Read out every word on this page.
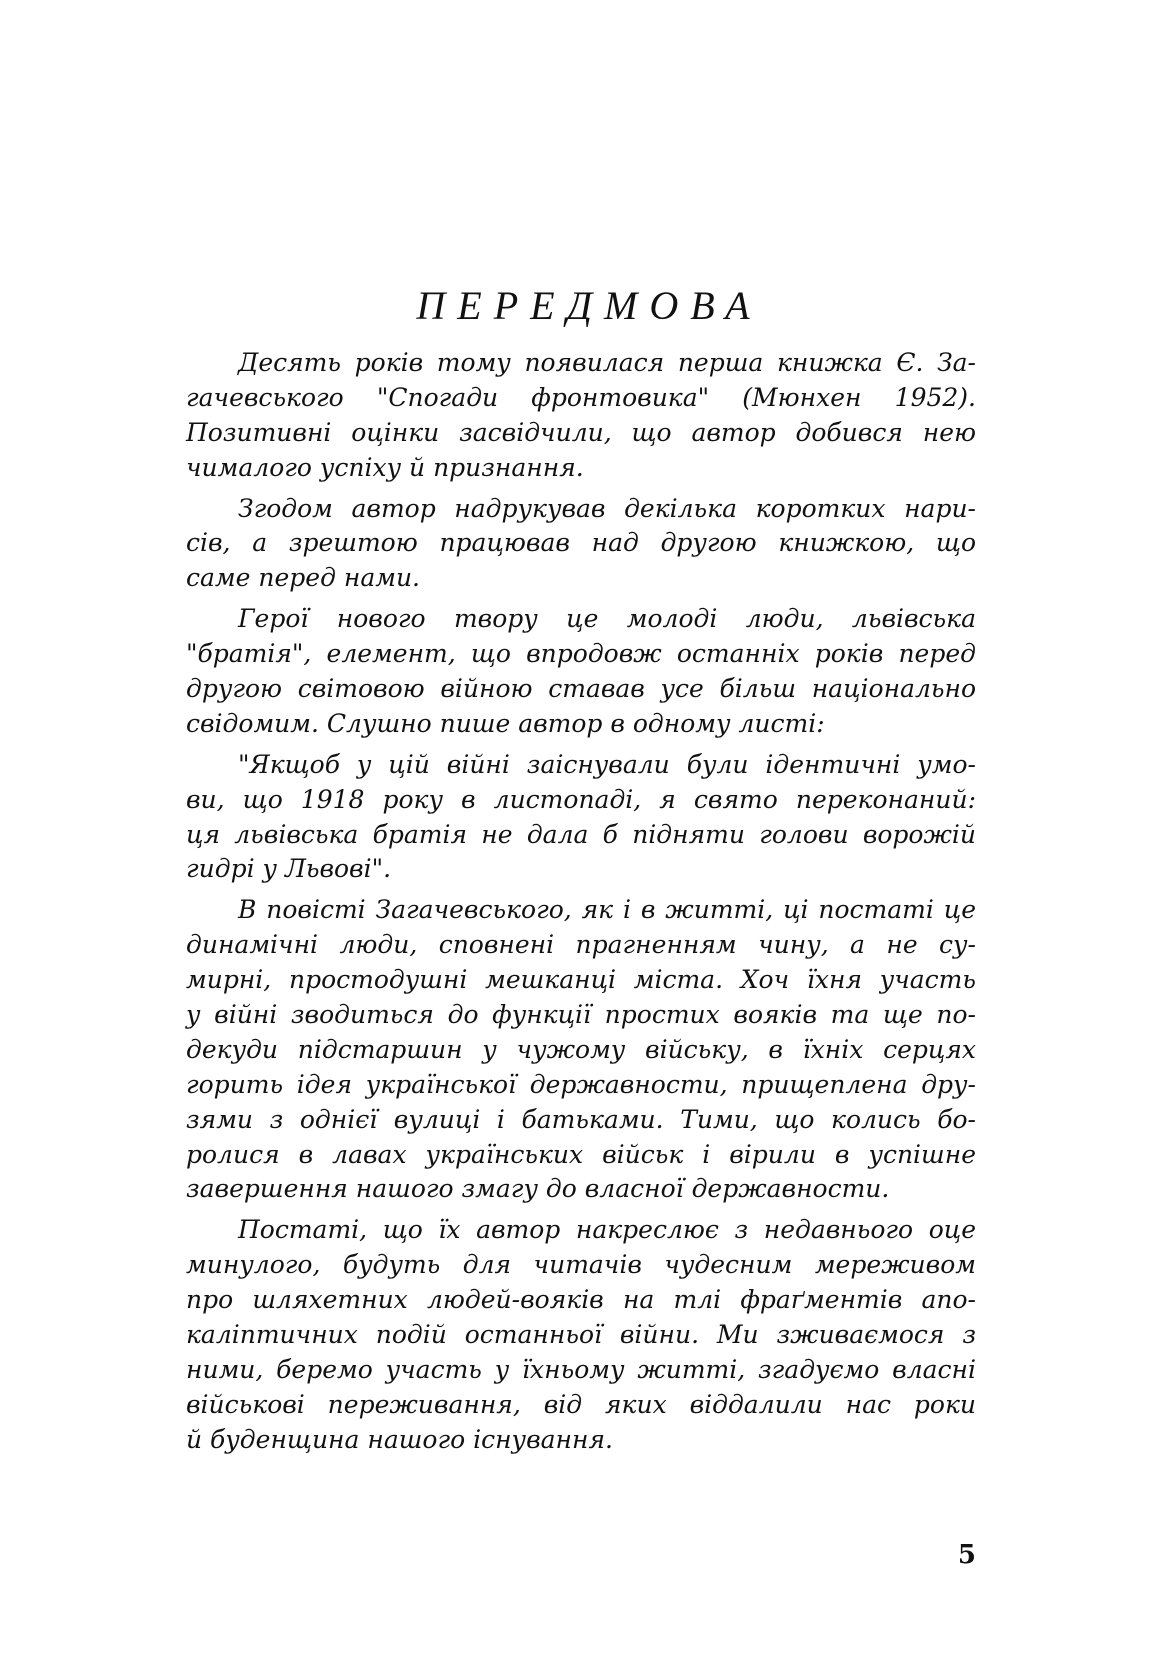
ПЕРЕДМОВА
Десять років тому появилася перша книжка Є. За-
гачевського "Спогади фронтовика" (Мюнхен 1952).
Позитивні оцінки засвідчили, що автор добився нею
чималого успіху й признання.
Згодом автор надрукував декілька коротких нари-
сів, а зрештою працював над другою книжкою, що
саме перед нами.
Герої нового твору це молоді люди, львівська
"братія", елемент, що впродовж останніх років перед
другою світовою війною ставав усе більш національно
свідомим. Слушно пише автор в одному листі:
"Якщоб у цій війні заіснували були ідентичні умо-
ви, що 1918 року в листопаді, я свято переконаний:
ця львівська братія не дала б підняти голови ворожій
гидрі у Львові".
В повісті Загачевського, як і в житті, ці постаті це
динамічні люди, сповнені прагненням чину, а не су-
мирні, простодушні мешканці міста. Хоч їхня участь
у війні зводиться до функції простих вояків та ще по-
декуди підстаршин у чужому війську, в їхніх серцях
горить ідея української державности, прищеплена дру-
зями з однієї вулиці і батьками. Тими, що колись бо-
ролися в лавах українських військ і вірили в успішне
завершення нашого змагу до власної державности.
Постаті, що їх автор накреслює з недавнього оце
минулого, будуть для читачів чудесним мереживом
про шляхетних людей-вояків на тлі фраґментів апо-
каліптичних подій останньої війни. Ми зживаємося з
ними, беремо участь у їхньому житті, згадуємо власні
військові переживання, від яких віддалили нас роки
й буденщина нашого існування.
5
